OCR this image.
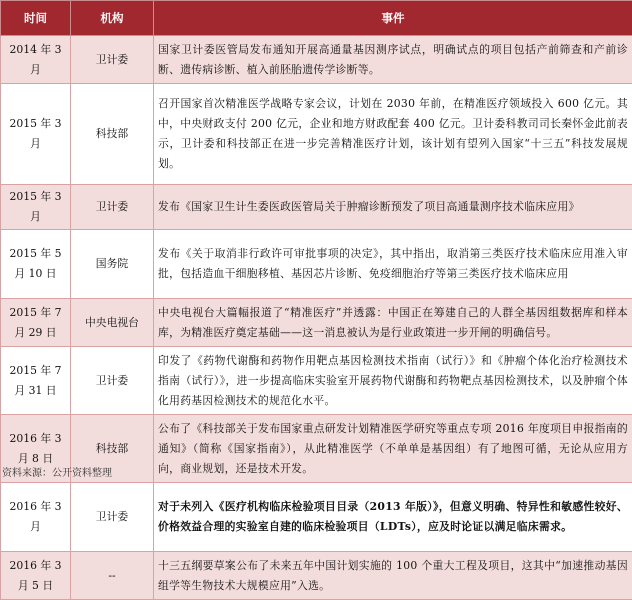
时间	机构	事件
2014 年 3 月	卫计委	国家卫计委医管局发布通知开展高通量基因测序试点，明确试点的项目包括产前筛查和产前诊断、遗传病诊断、植入前胚胎遗传学诊断等。
2015 年 3 月	科技部	召开国家首次精准医学战略专家会议，计划在 2030 年前，在精准医疗领域投入 600 亿元。其中，中央财政支付 200 亿元，企业和地方财政配套 400 亿元。卫计委科教司司长秦怀金此前表示，卫计委和科技部正在进一步完善精准医疗计划，该计划有望列入国家“十三五”科技发展规划。
2015 年 3 月	卫计委	发布《国家卫生计生委医政医管局关于肿瘤诊断预发了项目高通量测序技术临床应用》
2015 年 5 月 10 日	国务院	发布《关于取消非行政许可审批事项的决定》，其中指出，取消第三类医疗技术临床应用准入审批，包括造血干细胞移植、基因芯片诊断、免疫细胞治疗等第三类医疗技术临床应用
2015 年 7 月 29 日	中央电视台	中央电视台大篇幅报道了“精准医疗”并透露：中国正在筹建自己的人群全基因组数据库和样本库，为精准医疗奠定基础——这一消息被认为是行业政策进一步开闸的明确信号。
2015 年 7 月 31 日	卫计委	印发了《药物代谢酶和药物作用靶点基因检测技术指南（试行）》和《肿瘤个体化治疗检测技术指南（试行）》，进一步提高临床实验室开展药物代谢酶和药物靶点基因检测技术，以及肿瘤个体化用药基因检测技术的规范化水平。
2016 年 3 月 8 日	科技部	公布了《科技部关于发布国家重点研发计划精准医学研究等重点专项 2016 年度项目申报指南的通知》（简称《国家指南》），从此精准医学（不单单是基因组）有了地图可循，无论从应用方向，商业规划，还是技术开发。
2016 年 3 月	卫计委	对于未列入《医疗机构临床检验项目目录（2013 年版）》，但意义明确、特异性和敏感性较好、价格效益合理的实验室自建的临床检验项目（LDTs），应及时论证以满足临床需求。
2016 年 3 月 5 日	--	十三五纲要草案公布了未来五年中国计划实施的 100 个重大工程及项目，这其中“加速推动基因组学等生物技术大规模应用”入选。
资料来源：公开资料整理
